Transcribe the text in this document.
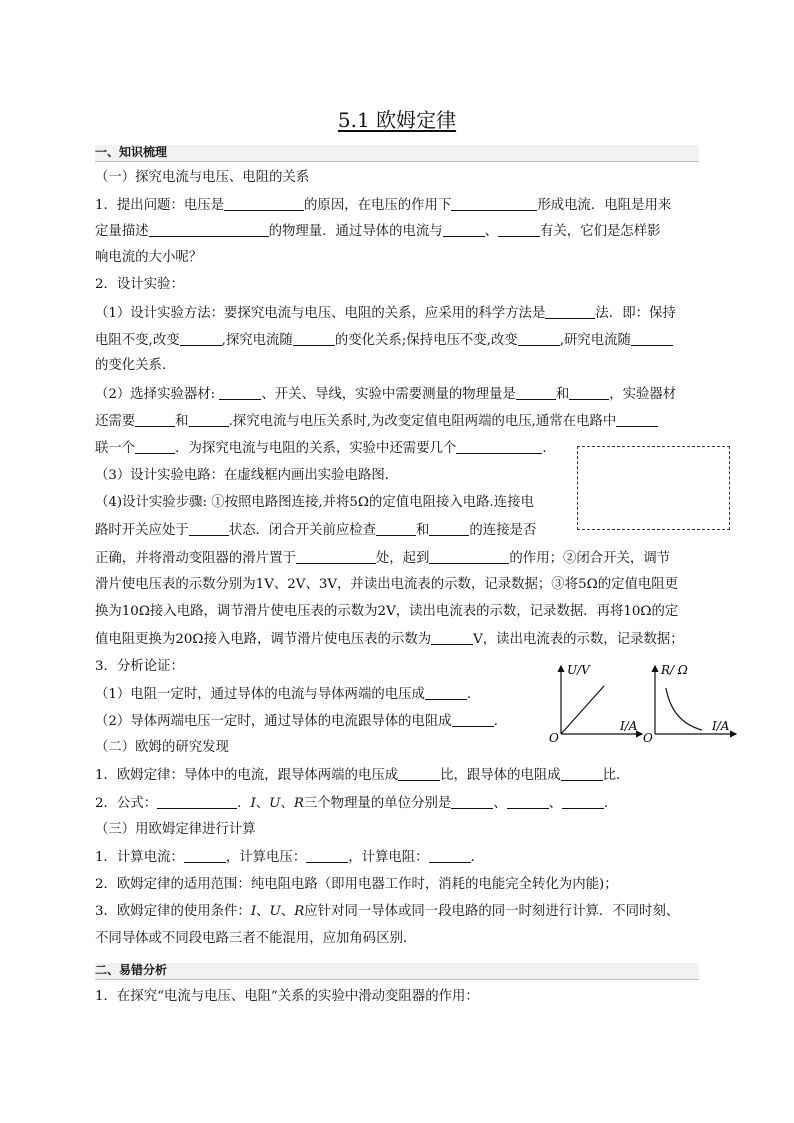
5.1 欧姆定律
一、知识梳理
（一）探究电流与电压、电阻的关系
1．提出问题：电压是	的原因，在电压的作用下	形成电流．电阻是用来
定量描述	的物理量．通过导体的电流与	、	有关，它们是怎样影
响电流的大小呢？
2．设计实验：
（1）设计实验方法：要探究电流与电压、电阻的关系，应采用的科学方法是	法．即：保持
电阻不变,改变	,探究电流随	的变化关系;保持电压不变,改变	,研究电流随
的变化关系．
（2）选择实验器材:	、开关、导线，实验中需要测量的物理量是	和	，实验器材
还需要	和	.探究电流与电压关系时,为改变定值电阻两端的电压,通常在电路中
联一个	．为探究电流与电阻的关系，实验中还需要几个	．
（3）设计实验电路：在虚线框内画出实验电路图．
（4)设计实验步骤: ①按照电路图连接,并将5Ω的定值电阻接入电路.连接电
路时开关应处于	状态．闭合开关前应检查	和	的连接是否
正确，并将滑动变阻器的滑片置于	处，起到	的作用；②闭合开关，调节
滑片使电压表的示数分别为1V、2V、3V，并读出电流表的示数，记录数据；③将5Ω的定值电阻更
换为10Ω接入电路，调节滑片使电压表的示数为2V，读出电流表的示数，记录数据．再将10Ω的定
值电阻更换为20Ω接入电路，调节滑片使电压表的示数为	V，读出电流表的示数，记录数据；
3．分析论证：
（1）电阻一定时，通过导体的电流与导体两端的电压成	．
（2）导体两端电压一定时，通过导体的电流跟导体的电阻成	．
U/V
I/A
O
R/ Ω
I/A
O
（二）欧姆的研究发现
1．欧姆定律：导体中的电流，跟导体两端的电压成	比，跟导体的电阻成	比．
2．公式：	．I、U、R三个物理量的单位分别是	、	、	．
（三）用欧姆定律进行计算
1．计算电流：	，计算电压：	，计算电阻：	．
2．欧姆定律的适用范围：纯电阻电路（即用电器工作时，消耗的电能完全转化为内能)；
3．欧姆定律的使用条件：I、U、R应针对同一导体或同一段电路的同一时刻进行计算．不同时刻、
不同导体或不同段电路三者不能混用，应加角码区别．
二、易错分析
1．在探究“电流与电压、电阻”关系的实验中滑动变阻器的作用：
